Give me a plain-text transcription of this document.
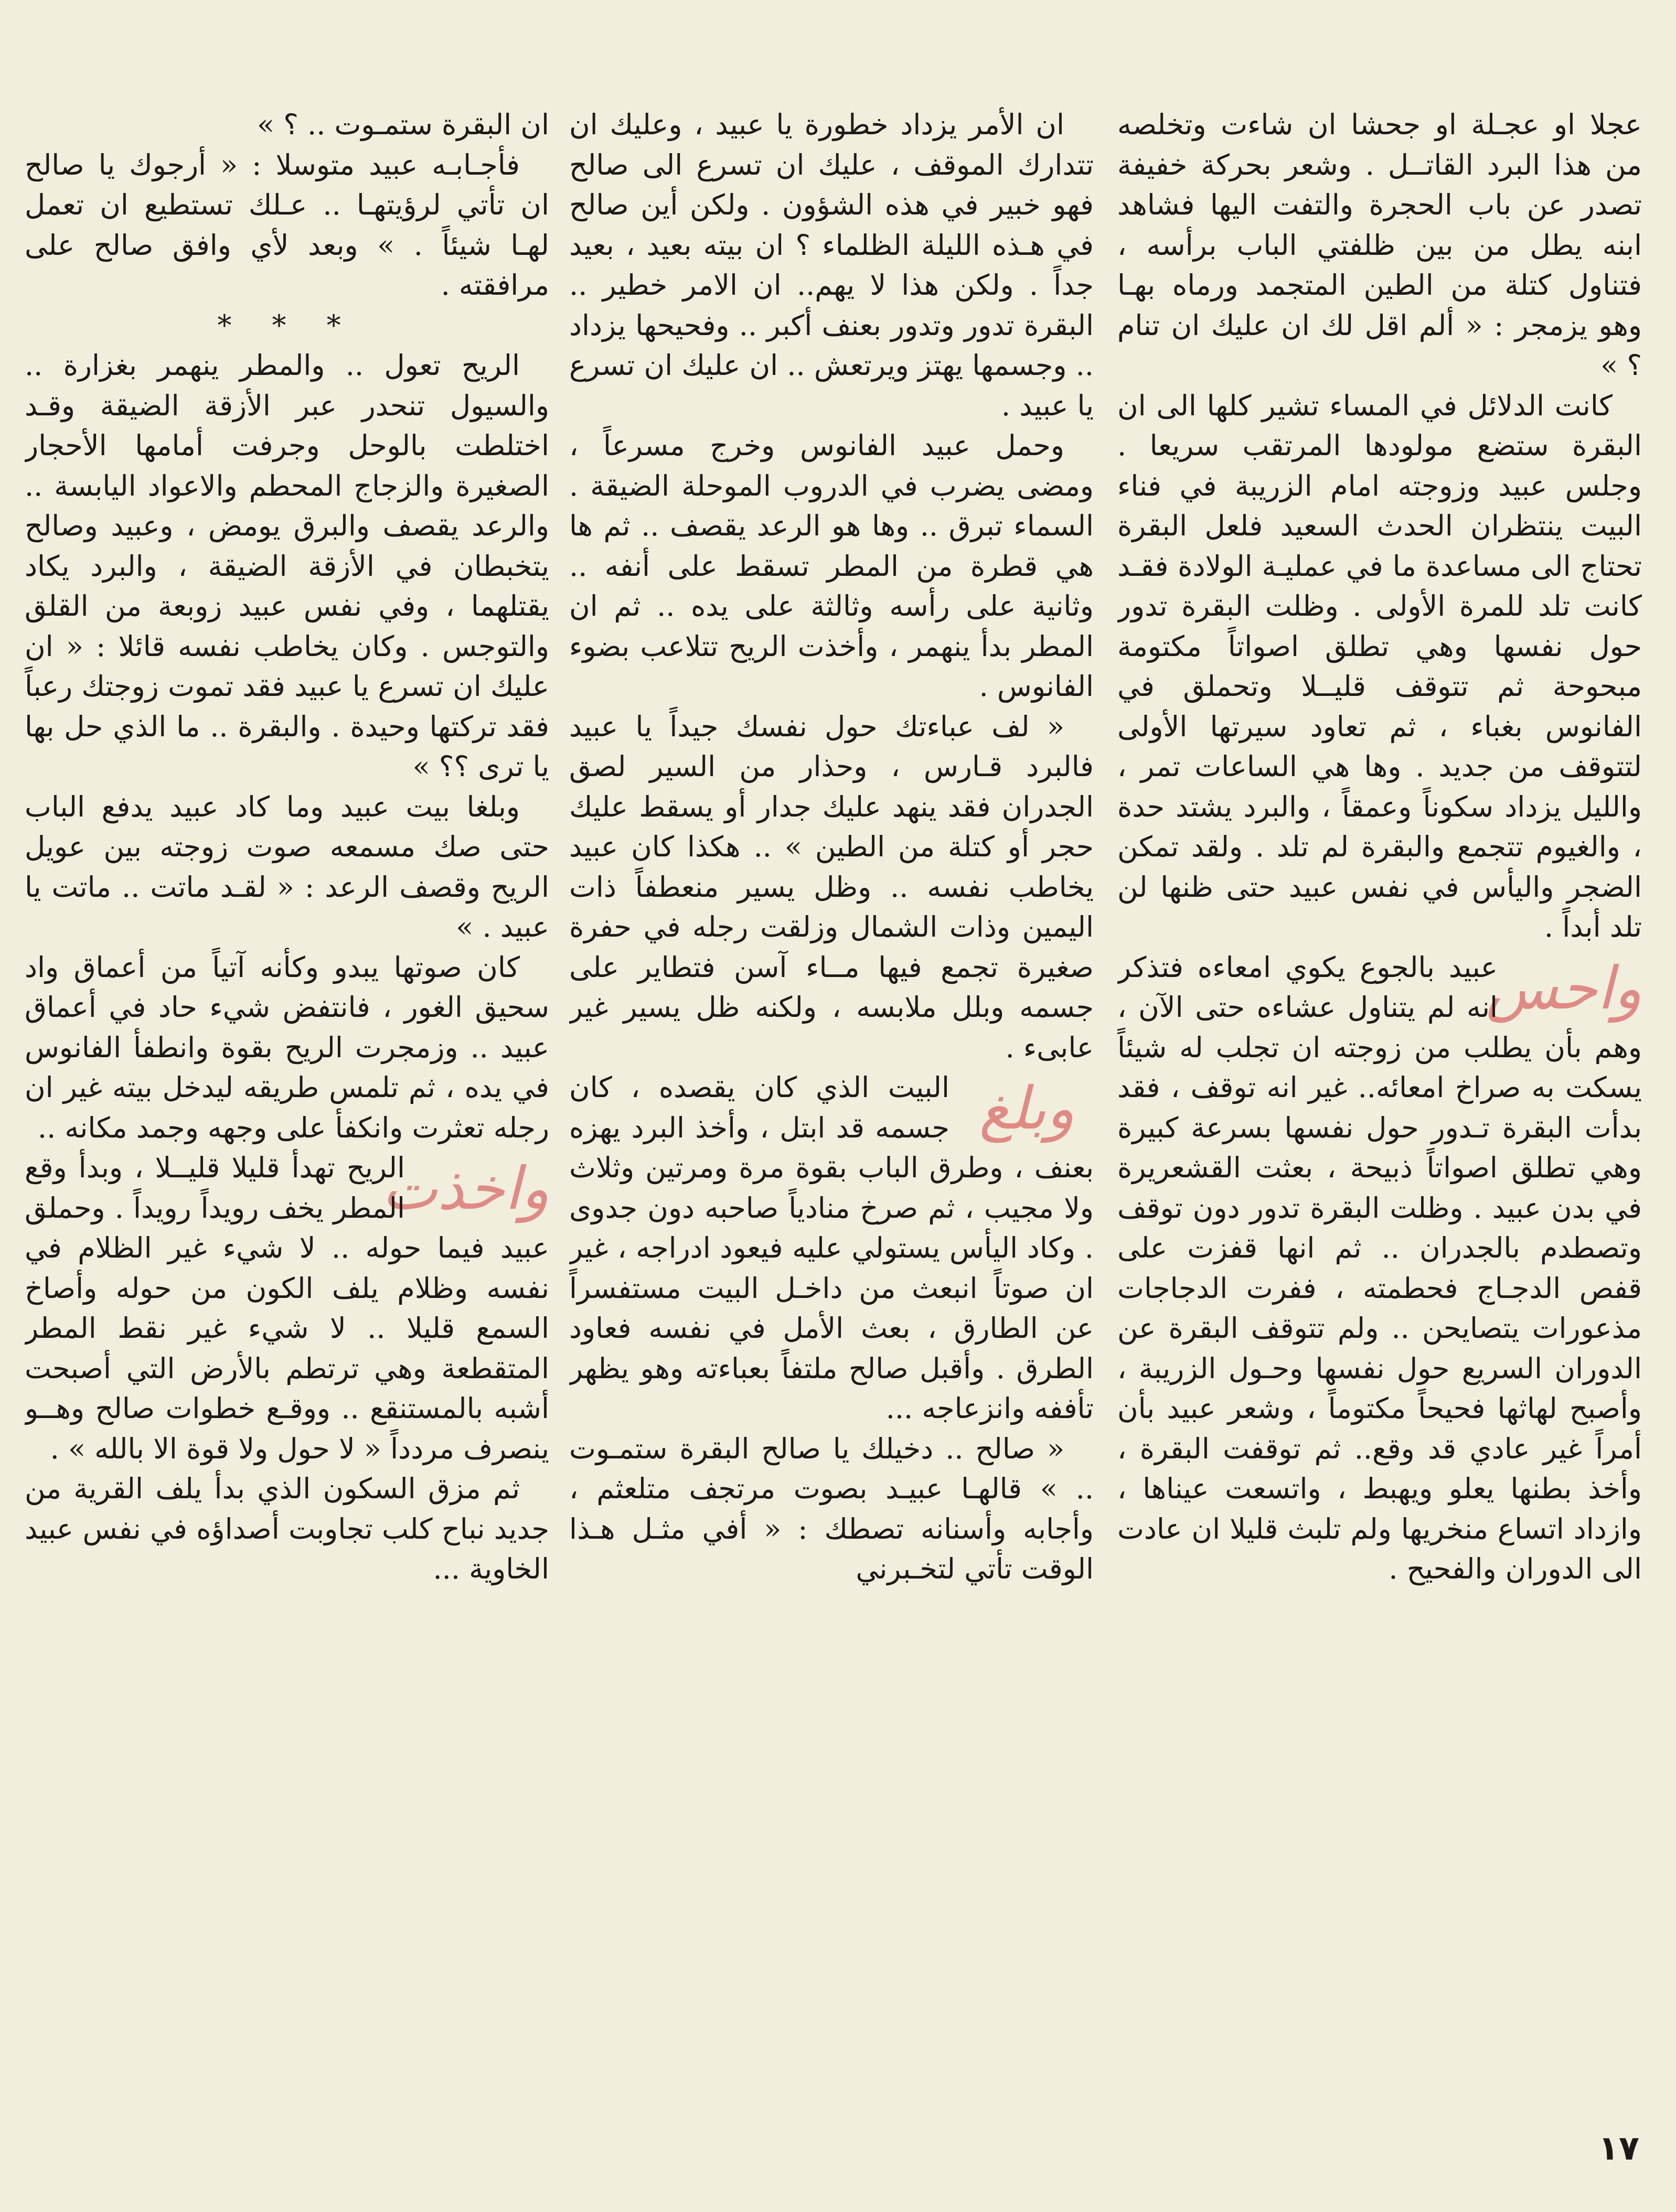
عجلا او عجـلة او جحشا ان شاءت وتخلصه من هذا البرد القاتــل . وشعر بحركة خفيفة تصدر عن باب الحجرة والتفت اليها فشاهد ابنه يطل من بين ظلفتي الباب برأسه ، فتناول كتلة من الطين المتجمد ورماه بهـا وهو يزمجر : « ألم اقل لك ان عليك ان تنام ؟ »

كانت الدلائل في المساء تشير كلها الى ان البقرة ستضع مولودها المرتقب سريعا . وجلس عبيد وزوجته امام الزريبة في فناء البيت ينتظران الحدث السعيد فلعل البقرة تحتاج الى مساعدة ما في عمليـة الولادة فقـد كانت تلد للمرة الأولى . وظلت البقرة تدور حول نفسها وهي تطلق اصواتاً مكتومة مبحوحة ثم تتوقف قليــلا وتحملق في الفانوس بغباء ، ثم تعاود سيرتها الأولى لتتوقف من جديد . وها هي الساعات تمر ، والليل يزداد سكوناً وعمقاً ، والبرد يشتد حدة ، والغيوم تتجمع والبقرة لم تلد . ولقد تمكن الضجر واليأس في نفس عبيد حتى ظنها لن تلد أبداً .

واحس
عبيد بالجوع يكوي امعاءه فتذكر انه لم يتناول عشاءه حتى الآن ، وهم بأن يطلب من زوجته ان تجلب له شيئاً يسكت به صراخ امعائه.. غير انه توقف ، فقد بدأت البقرة تـدور حول نفسها بسرعة كبيرة وهي تطلق اصواتاً ذبيحة ، بعثت القشعريرة في بدن عبيد . وظلت البقرة تدور دون توقف وتصطدم بالجدران .. ثم انها قفزت على قفص الدجـاج فحطمته ، ففرت الدجاجات مذعورات يتصايحن .. ولم تتوقف البقرة عن الدوران السريع حول نفسها وحـول الزريبة ، وأصبح لهاثها فحيحاً مكتوماً ، وشعر عبيد بأن أمراً غير عادي قد وقع.. ثم توقفت البقرة ، وأخذ بطنها يعلو ويهبط ، واتسعت عيناها ، وازداد اتساع منخريها ولم تلبث قليلا ان عادت الى الدوران والفحيح .

ان الأمر يزداد خطورة يا عبيد ، وعليك ان تتدارك الموقف ، عليك ان تسرع الى صالح فهو خبير في هذه الشؤون . ولكن أين صالح في هـذه الليلة الظلماء ؟ ان بيته بعيد ، بعيد جداً . ولكن هذا لا يهم.. ان الامر خطير .. البقرة تدور وتدور بعنف أكبر .. وفحيحها يزداد .. وجسمها يهتز ويرتعش .. ان عليك ان تسرع يا عبيد .

وحمل عبيد الفانوس وخرج مسرعاً ، ومضى يضرب في الدروب الموحلة الضيقة . السماء تبرق .. وها هو الرعد يقصف .. ثم ها هي قطرة من المطر تسقط على أنفه .. وثانية على رأسه وثالثة على يده .. ثم ان المطر بدأ ينهمر ، وأخذت الريح تتلاعب بضوء الفانوس .

« لف عباءتك حول نفسك جيداً يا عبيد فالبرد قـارس ، وحذار من السير لصق الجدران فقد ينهد عليك جدار أو يسقط عليك حجر أو كتلة من الطين » .. هكذا كان عبيد يخاطب نفسه .. وظل يسير منعطفاً ذات اليمين وذات الشمال وزلقت رجله في حفرة صغيرة تجمع فيها مــاء آسن فتطاير على جسمه وبلل ملابسه ، ولكنه ظل يسير غير عابىء .

وبلغ
البيت الذي كان يقصده ، كان جسمه قد ابتل ، وأخذ البرد يهزه بعنف ، وطرق الباب بقوة مرة ومرتين وثلاث ولا مجيب ، ثم صرخ منادياً صاحبه دون جدوى . وكاد اليأس يستولي عليه فيعود ادراجه ، غير ان صوتاً انبعث من داخـل البيت مستفسراً عن الطارق ، بعث الأمل في نفسه فعاود الطرق . وأقبل صالح ملتفاً بعباءته وهو يظهر تأففه وانزعاجه ...

« صالح .. دخيلك يا صالح البقرة ستمـوت .. » قالهـا عبيـد بصوت مرتجف متلعثم ، وأجابه وأسنانه تصطك : « أفي مثـل هـذا الوقت تأتي لتخـبرني

ان البقرة ستمـوت .. ؟ »

فأجـابـه عبيد متوسلا : « أرجوك يا صالح ان تأتي لرؤيتهـا .. عـلك تستطيع ان تعمل لهـا شيئاً . » وبعد لأي وافق صالح على مرافقته .

* * *

الريح تعول .. والمطر ينهمر بغزارة .. والسيول تنحدر عبر الأزقة الضيقة وقـد اختلطت بالوحل وجرفت أمامها الأحجار الصغيرة والزجاج المحطم والاعواد اليابسة .. والرعد يقصف والبرق يومض ، وعبيد وصالح يتخبطان في الأزقة الضيقة ، والبرد يكاد يقتلهما ، وفي نفس عبيد زوبعة من القلق والتوجس . وكان يخاطب نفسه قائلا : « ان عليك ان تسرع يا عبيد فقد تموت زوجتك رعباً فقد تركتها وحيدة . والبقرة .. ما الذي حل بها يا ترى ؟؟ »

وبلغا بيت عبيد وما كاد عبيد يدفع الباب حتى صك مسمعه صوت زوجته بين عويل الريح وقصف الرعد : « لقـد ماتت .. ماتت يا عبيد . »

كان صوتها يبدو وكأنه آتياً من أعماق واد سحيق الغور ، فانتفض شيء حاد في أعماق عبيد .. وزمجرت الريح بقوة وانطفأ الفانوس في يده ، ثم تلمس طريقه ليدخل بيته غير ان رجله تعثرت وانكفأ على وجهه وجمد مكانه ..

واخذت
الريح تهدأ قليلا قليــلا ، وبدأ وقع المطر يخف رويداً رويداً . وحملق عبيد فيما حوله .. لا شيء غير الظلام في نفسه وظلام يلف الكون من حوله وأصاخ السمع قليلا .. لا شيء غير نقط المطر المتقطعة وهي ترتطم بالأرض التي أصبحت أشبه بالمستنقع .. ووقـع خطوات صالح وهــو ينصرف مردداً « لا حول ولا قوة الا بالله » .

ثم مزق السكون الذي بدأ يلف القرية من جديد نباح كلب تجاوبت أصداؤه في نفس عبيد الخاوية ...

١٧
